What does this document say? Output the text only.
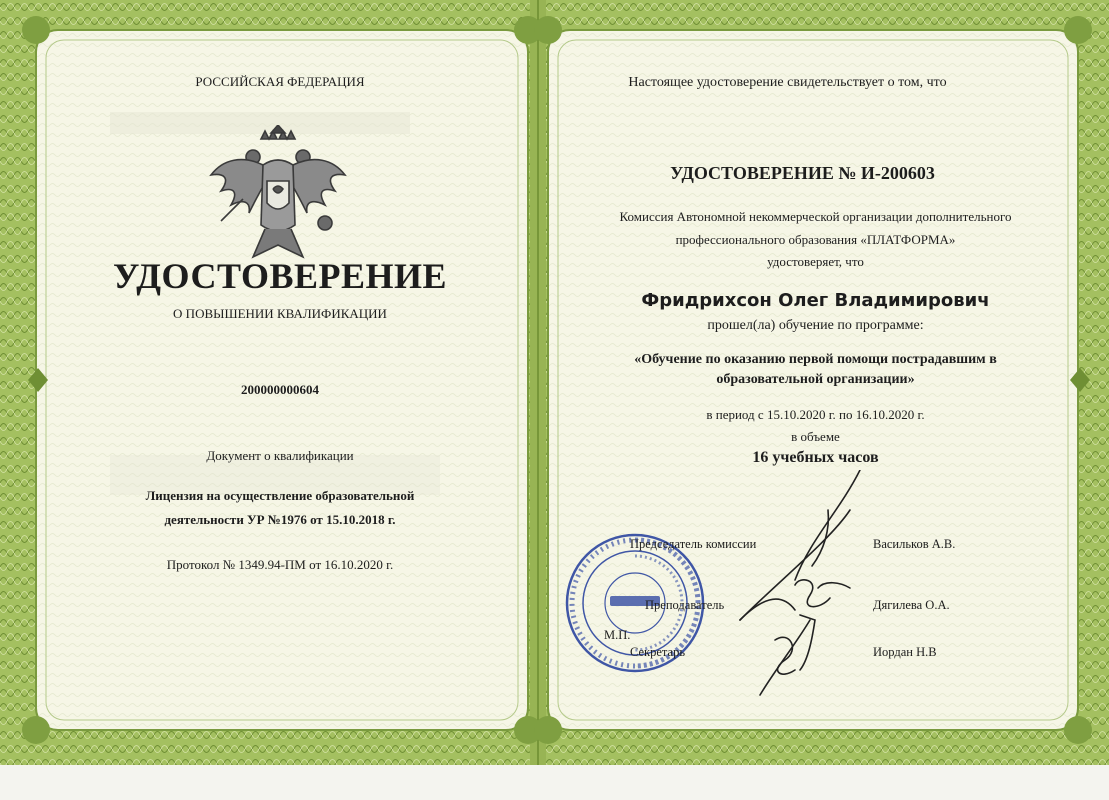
РОССИЙСКАЯ ФЕДЕРАЦИЯ
УДОСТОВЕРЕНИЕ
О ПОВЫШЕНИИ КВАЛИФИКАЦИИ
200000000604
Документ о квалификации
Лицензия на осуществление образовательной
деятельности УР №1976 от 15.10.2018 г.
Протокол № 1349.94-ПМ от 16.10.2020 г.
Настоящее удостоверение свидетельствует о том, что
УДОСТОВЕРЕНИЕ № И-200603
Комиссия Автономной некоммерческой организации дополнительного
профессионального образования «ПЛАТФОРМА»
удостоверяет, что
Фридрихсон Олег Владимирович
прошел(ла) обучение по программе:
«Обучение по оказанию первой помощи пострадавшим в
образовательной организации»
в период с 15.10.2020 г. по 16.10.2020 г.
в объеме
16 учебных часов
Председатель комиссии	Васильков А.В.
Преподаватель	Дягилева О.А.
М.П.
Секретарь	Иордан Н.В
